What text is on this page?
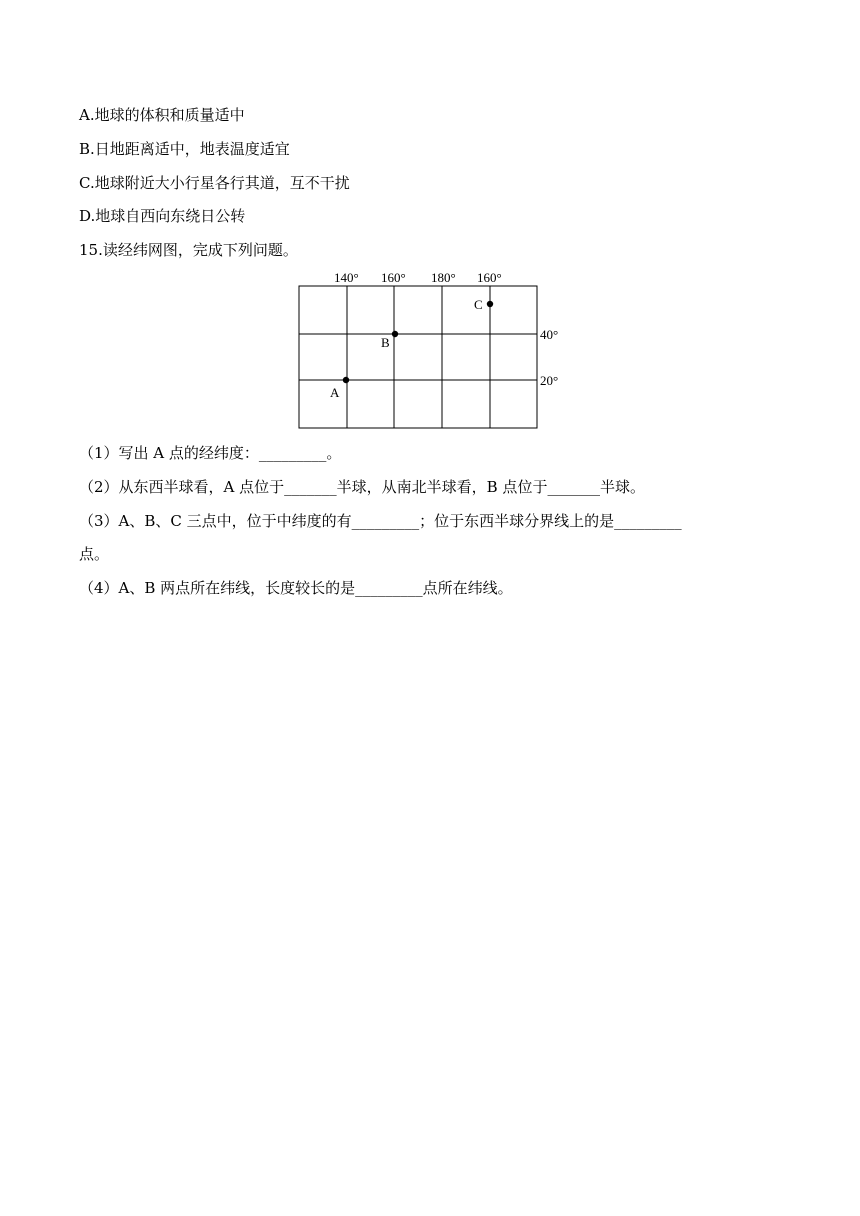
A.地球的体积和质量适中
B.日地距离适中，地表温度适宜
C.地球附近大小行星各行其道，互不干扰
D.地球自西向东绕日公转
15.读经纬网图，完成下列问题。
140° 160° 180° 160°
40°
20°
A
B
C
（1）写出 A 点的经纬度：_________。
（2）从东西半球看，A 点位于_______半球，从南北半球看，B 点位于_______半球。
（3）A、B、C 三点中，位于中纬度的有_________；位于东西半球分界线上的是_________
点。
（4）A、B 两点所在纬线，长度较长的是_________点所在纬线。
